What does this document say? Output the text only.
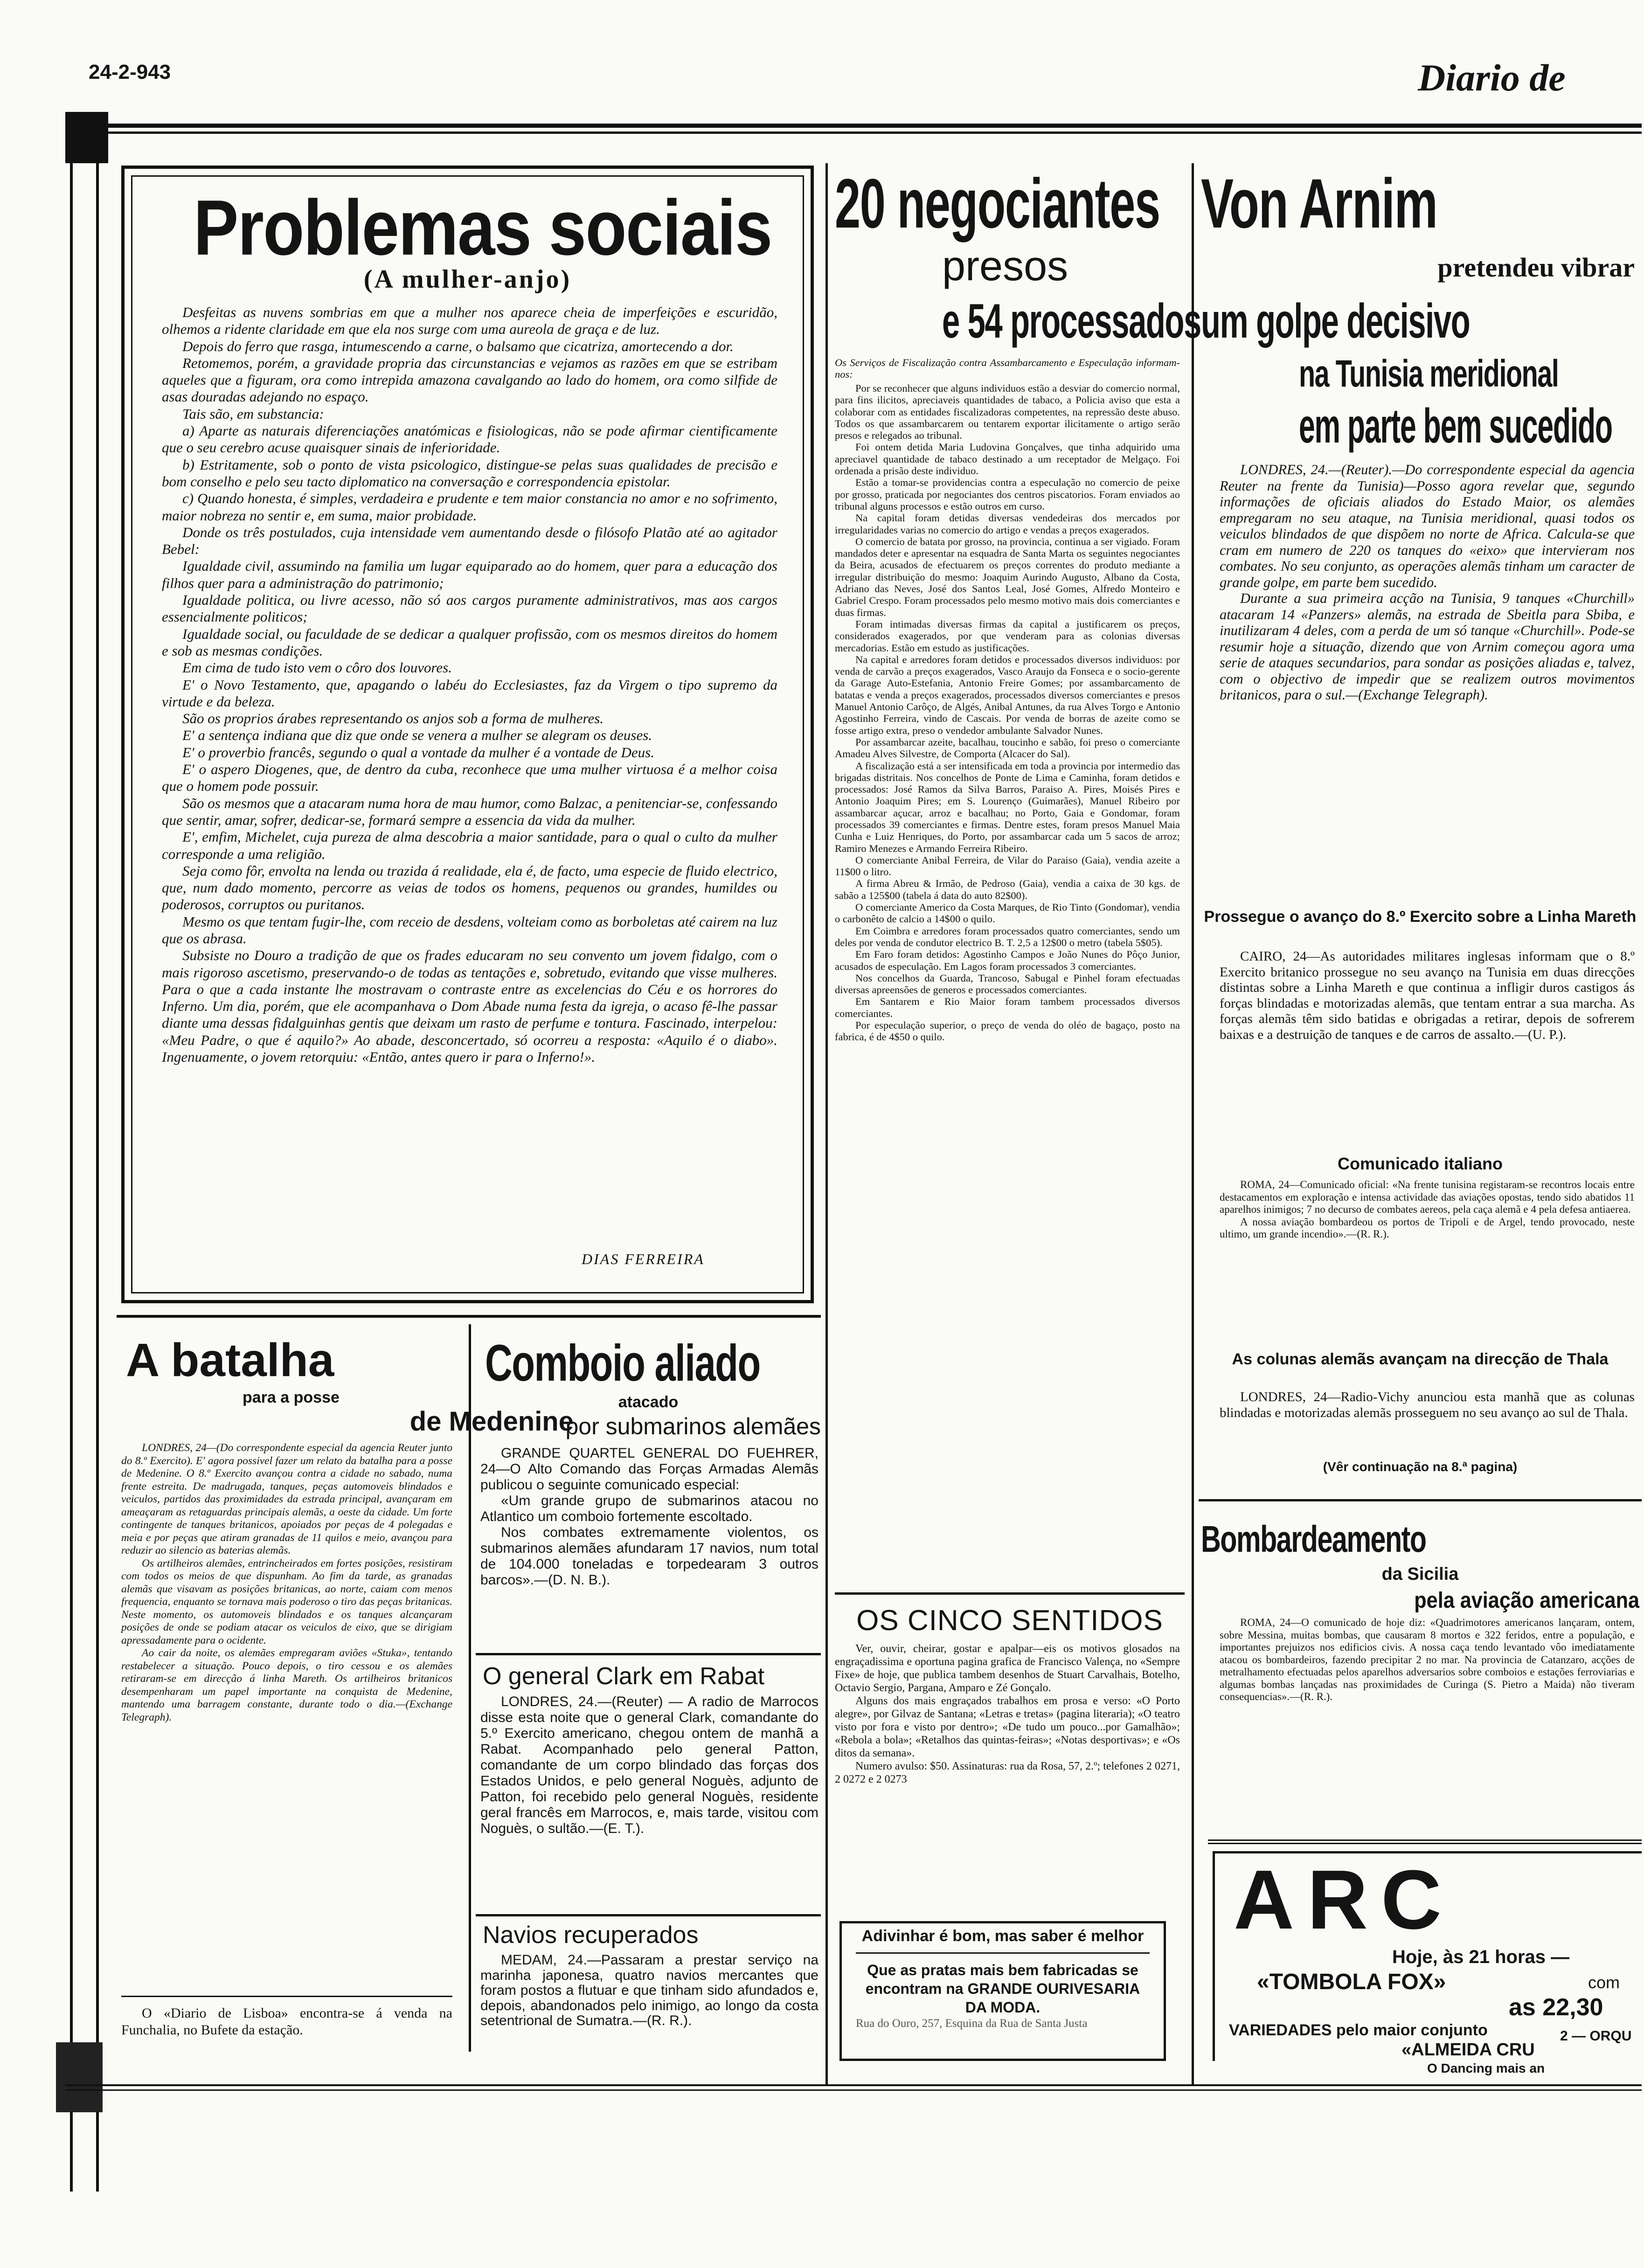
24-2-943	Diario de
Problemas sociais
(A mulher-anjo)

Desfeitas as nuvens sombrias em que a mulher nos aparece cheia de imperfeições e escuridão, olhemos a ridente claridade em que ela nos surge com uma aureola de graça e de luz.

Depois do ferro que rasga, intumescendo a carne, o balsamo que cicatriza, amortecendo a dor.

Retomemos, porém, a gravidade propria das circunstancias e vejamos as razões em que se estribam aqueles que a figuram, ora como intrepida amazona cavalgando ao lado do homem, ora como silfide de asas douradas adejando no espaço.

Tais são, em substancia:

a) Aparte as naturais diferenciações anatómicas e fisiologicas, não se pode afirmar cientificamente que o seu cerebro acuse quaisquer sinais de inferioridade.

b) Estritamente, sob o ponto de vista psicologico, distingue-se pelas suas qualidades de precisão e bom conselho e pelo seu tacto diplomatico na conversação e correspondencia epistolar.

c) Quando honesta, é simples, verdadeira e prudente e tem maior constancia no amor e no sofrimento, maior nobreza no sentir e, em suma, maior probidade.

Donde os três postulados, cuja intensidade vem aumentando desde o filósofo Platão até ao agitador Bebel:

Igualdade civil, assumindo na familia um lugar equiparado ao do homem, quer para a educação dos filhos quer para a administração do patrimonio;

Igualdade politica, ou livre acesso, não só aos cargos puramente administrativos, mas aos cargos essencialmente politicos;

Igualdade social, ou faculdade de se dedicar a qualquer profissão, com os mesmos direitos do homem e sob as mesmas condições.

Em cima de tudo isto vem o côro dos louvores.

E' o Novo Testamento, que, apagando o labéu do Ecclesiastes, faz da Virgem o tipo supremo da virtude e da beleza.

São os proprios árabes representando os anjos sob a forma de mulheres.

E' a sentença indiana que diz que onde se venera a mulher se alegram os deuses.

E' o proverbio francês, segundo o qual a vontade da mulher é a vontade de Deus.

E' o aspero Diogenes, que, de dentro da cuba, reconhece que uma mulher virtuosa é a melhor coisa que o homem pode possuir.

São os mesmos que a atacaram numa hora de mau humor, como Balzac, a penitenciar-se, confessando que sentir, amar, sofrer, dedicar-se, formará sempre a essencia da vida da mulher.

E', emfim, Michelet, cuja pureza de alma descobria a maior santidade, para o qual o culto da mulher corresponde a uma religião.

Seja como fôr, envolta na lenda ou trazida á realidade, ela é, de facto, uma especie de fluido electrico, que, num dado momento, percorre as veias de todos os homens, pequenos ou grandes, humildes ou poderosos, corruptos ou puritanos.

Mesmo os que tentam fugir-lhe, com receio de desdens, volteiam como as borboletas até cairem na luz que os abrasa.

Subsiste no Douro a tradição de que os frades educaram no seu convento um jovem fidalgo, com o mais rigoroso ascetismo, preservando-o de todas as tentações e, sobretudo, evitando que visse mulheres. Para o que a cada instante lhe mostravam o contraste entre as excelencias do Céu e os horrores do Inferno. Um dia, porém, que ele acompanhava o Dom Abade numa festa da igreja, o acaso fê-lhe passar diante uma dessas fidalguinhas gentis que deixam um rasto de perfume e tontura. Fascinado, interpelou: «Meu Padre, o que é aquilo?» Ao abade, desconcertado, só ocorreu a resposta: «Aquilo é o diabo». Ingenuamente, o jovem retorquiu: «Então, antes quero ir para o Inferno!».

DIAS FERREIRA
20 negociantes
presos
e 54 processados
Os Serviços de Fiscalização contra Assambarcamento e Especulação informam-nos:

Por se reconhecer que alguns individuos estão a desviar do comercio normal, para fins ilicitos, apreciaveis quantidades de tabaco, a Policia aviso que esta a colaborar com as entidades fiscalizadoras competentes, na repressão deste abuso. Todos os que assambarcarem ou tentarem exportar ilicitamente o artigo serão presos e relegados ao tribunal.

Foi ontem detida Maria Ludovina Gonçalves, que tinha adquirido uma apreciavel quantidade de tabaco destinado a um receptador de Melgaço. Foi ordenada a prisão deste individuo.

Estão a tomar-se providencias contra a especulação no comercio de peixe por grosso, praticada por negociantes dos centros piscatorios. Foram enviados ao tribunal alguns processos e estão outros em curso.

Na capital foram detidas diversas vendedeiras dos mercados por irregularidades varias no comercio do artigo e vendas a preços exagerados.

O comercio de batata por grosso, na provincia, continua a ser vigiado. Foram mandados deter e apresentar na esquadra de Santa Marta os seguintes negociantes da Beira, acusados de efectuarem os preços correntes do produto mediante a irregular distribuição do mesmo: Joaquim Aurindo Augusto, Albano da Costa, Adriano das Neves, José dos Santos Leal, José Gomes, Alfredo Monteiro e Gabriel Crespo. Foram processados pelo mesmo motivo mais dois comerciantes e duas firmas.

Foram intimadas diversas firmas da capital a justificarem os preços, considerados exagerados, por que venderam para as colonias diversas mercadorias. Estão em estudo as justificações.

Na capital e arredores foram detidos e processados diversos individuos: por venda de carvão a preços exagerados, Vasco Araujo da Fonseca e o socio-gerente da Garage Auto-Estefania, Antonio Freire Gomes; por assambarcamento de batatas e venda a preços exagerados, processados diversos comerciantes e presos Manuel Antonio Carôço, de Algés, Anibal Antunes, da rua Alves Torgo e Antonio Agostinho Ferreira, vindo de Cascais. Por venda de borras de azeite como se fosse artigo extra, preso o vendedor ambulante Salvador Nunes.

Por assambarcar azeite, bacalhau, toucinho e sabão, foi preso o comerciante Amadeu Alves Silvestre, de Comporta (Alcacer do Sal).

A fiscalização está a ser intensificada em toda a provincia por intermedio das brigadas distritais. Nos concelhos de Ponte de Lima e Caminha, foram detidos e processados: José Ramos da Silva Barros, Paraiso A. Pires, Moisés Pires e Antonio Joaquim Pires; em S. Lourenço (Guimarães), Manuel Ribeiro por assambarcar açucar, arroz e bacalhau; no Porto, Gaia e Gondomar, foram processados 39 comerciantes e firmas. Dentre estes, foram presos Manuel Maia Cunha e Luiz Henriques, do Porto, por assambarcar cada um 5 sacos de arroz; Ramiro Menezes e Armando Ferreira Ribeiro.

O comerciante Anibal Ferreira, de Vilar do Paraiso (Gaia), vendia azeite a 11$00 o litro.

A firma Abreu & Irmão, de Pedroso (Gaia), vendia a caixa de 30 kgs. de sabão a 125$00 (tabela á data do auto 82$00).

O comerciante Americo da Costa Marques, de Rio Tinto (Gondomar), vendia o carbonêto de calcio a 14$00 o quilo.

Em Coimbra e arredores foram processados quatro comerciantes, sendo um deles por venda de condutor electrico B. T. 2,5 a 12$00 o metro (tabela 5$05).

Em Faro foram detidos: Agostinho Campos e João Nunes do Pôço Junior, acusados de especulação. Em Lagos foram processados 3 comerciantes.

Nos concelhos da Guarda, Trancoso, Sabugal e Pinhel foram efectuadas diversas apreensões de generos e processados comerciantes.

Em Santarem e Rio Maior foram tambem processados diversos comerciantes.

Por especulação superior, o preço de venda do oléo de bagaço, posto na fabrica, é de 4$50 o quilo.

OS CINCO SENTIDOS

Ver, ouvir, cheirar, gostar e apalpar—eis os motivos glosados na engraçadissima e oportuna pagina grafica de Francisco Valença, no «Sempre Fixe» de hoje, que publica tambem desenhos de Stuart Carvalhais, Botelho, Octavio Sergio, Pargana, Amparo e Zé Gonçalo.

Alguns dos mais engraçados trabalhos em prosa e verso: «O Porto alegre», por Gilvaz de Santana; «Letras e tretas» (pagina literaria); «O teatro visto por fora e visto por dentro»; «De tudo um pouco...por Gamalhão»; «Rebola a bola»; «Retalhos das quintas-feiras»; «Notas desportivas»; e «Os ditos da semana».

Numero avulso: $50. Assinaturas: rua da Rosa, 57, 2.º; telefones 2 0271, 2 0272 e 2 0273

Adivinhar é bom, mas saber é melhor
Que as pratas mais bem fabricadas se encontram na GRANDE OURIVESARIA DA MODA.
Rua do Ouro, 257, Esquina da Rua de Santa Justa
Von Arnim
pretendeu vibrar
um golpe decisivo
na Tunisia meridional
em parte bem sucedido

LONDRES, 24.—(Reuter).—Do correspondente especial da agencia Reuter na frente da Tunisia)—Posso agora revelar que, segundo informações de oficiais aliados do Estado Maior, os alemães empregaram no seu ataque, na Tunisia meridional, quasi todos os veiculos blindados de que dispõem no norte de Africa. Calcula-se que cram em numero de 220 os tanques do «eixo» que intervieram nos combates. No seu conjunto, as operações alemãs tinham um caracter de grande golpe, em parte bem sucedido.

Durante a sua primeira acção na Tunisia, 9 tanques «Churchill» atacaram 14 «Panzers» alemãs, na estrada de Sbeitla para Sbiba, e inutilizaram 4 deles, com a perda de um só tanque «Churchill». Pode-se resumir hoje a situação, dizendo que von Arnim começou agora uma serie de ataques secundarios, para sondar as posições aliadas e, talvez, com o objectivo de impedir que se realizem outros movimentos britanicos, para o sul.—(Exchange Telegraph).

Prossegue o avanço do 8.º Exercito sobre a Linha Mareth

CAIRO, 24—As autoridades militares inglesas informam que o 8.º Exercito britanico prossegue no seu avanço na Tunisia em duas direcções distintas sobre a Linha Mareth e que continua a infligir duros castigos ás forças blindadas e motorizadas alemãs, que tentam entrar a sua marcha. As forças alemãs têm sido batidas e obrigadas a retirar, depois de sofrerem baixas e a destruição de tanques e de carros de assalto.—(U. P.).

Comunicado italiano

ROMA, 24—Comunicado oficial: «Na frente tunisina registaram-se recontros locais entre destacamentos em exploração e intensa actividade das aviações opostas, tendo sido abatidos 11 aparelhos inimigos; 7 no decurso de combates aereos, pela caça alemã e 4 pela defesa antiaerea.

A nossa aviação bombardeou os portos de Tripoli e de Argel, tendo provocado, neste ultimo, um grande incendio».—(R. R.).

As colunas alemãs avançam na direcção de Thala

LONDRES, 24—Radio-Vichy anunciou esta manhã que as colunas blindadas e motorizadas alemãs prosseguem no seu avanço ao sul de Thala.

(Vêr continuação na 8.ª pagina)
Bombardeamento
da Sicilia
pela aviação americana

ROMA, 24—O comunicado de hoje diz: «Quadrimotores americanos lançaram, ontem, sobre Messina, muitas bombas, que causaram 8 mortos e 322 feridos, entre a população, e importantes prejuizos nos edificios civis. A nossa caça tendo levantado vôo imediatamente atacou os bombardeiros, fazendo precipitar 2 no mar. Na provincia de Catanzaro, acções de metralhamento efectuadas pelos aparelhos adversarios sobre comboios e estações ferroviarias e algumas bombas lançadas nas proximidades de Curinga (S. Pietro a Maida) não tiveram consequencias».—(R. R.).

ARC
Hoje, às 21 horas —
«TOMBOLA FOX»	com
as 22,30
VARIEDADES pelo maior conjunto	2 — ORQU
«ALMEIDA CRU
O Dancing mais an
A batalha
para a posse
de Medenine

LONDRES, 24—(Do correspondente especial da agencia Reuter junto do 8.º Exercito). E' agora possivel fazer um relato da batalha para a posse de Medenine. O 8.º Exercito avançou contra a cidade no sabado, numa frente estreita. De madrugada, tanques, peças automoveis blindados e veiculos, partidos das proximidades da estrada principal, avançaram em ameaçaram as retaguardas principais alemãs, a oeste da cidade. Um forte contingente de tanques britanicos, apoiados por peças de 4 polegadas e meia e por peças que atiram granadas de 11 quilos e meio, avançou para reduzir ao silencio as baterias alemãs.

Os artilheiros alemães, entrincheirados em fortes posições, resistiram com todos os meios de que dispunham. Ao fim da tarde, as granadas alemãs que visavam as posições britanicas, ao norte, caiam com menos frequencia, enquanto se tornava mais poderoso o tiro das peças britanicas. Neste momento, os automoveis blindados e os tanques alcançaram posições de onde se podiam atacar os veiculos de eixo, que se dirigiam apressadamente para o ocidente.

Ao cair da noite, os alemães empregaram aviões «Stuka», tentando restabelecer a situação. Pouco depois, o tiro cessou e os alemães retiraram-se em direcção á linha Mareth. Os artilheiros britanicos desempenharam um papel importante na conquista de Medenine, mantendo uma barragem constante, durante todo o dia.—(Exchange Telegraph).

O «Diario de Lisboa» encontra-se á venda na Funchalia, no Bufete da estação.

Comboio aliado
atacado
por submarinos alemães

GRANDE QUARTEL GENERAL DO FUEHRER, 24—O Alto Comando das Forças Armadas Alemãs publicou o seguinte comunicado especial:

«Um grande grupo de submarinos atacou no Atlantico um comboio fortemente escoltado.

Nos combates extremamente violentos, os submarinos alemães afundaram 17 navios, num total de 104.000 toneladas e torpedearam 3 outros barcos».—(D. N. B.).

O general Clark em Rabat

LONDRES, 24.—(Reuter) — A radio de Marrocos disse esta noite que o general Clark, comandante do 5.º Exercito americano, chegou ontem de manhã a Rabat. Acompanhado pelo general Patton, comandante de um corpo blindado das forças dos Estados Unidos, e pelo general Noguès, adjunto de Patton, foi recebido pelo general Noguès, residente geral francês em Marrocos, e, mais tarde, visitou com Noguès, o sultão.—(E. T.).

Navios recuperados

MEDAM, 24.—Passaram a prestar serviço na marinha japonesa, quatro navios mercantes que foram postos a flutuar e que tinham sido afundados e, depois, abandonados pelo inimigo, ao longo da costa setentrional de Sumatra.—(R. R.).
